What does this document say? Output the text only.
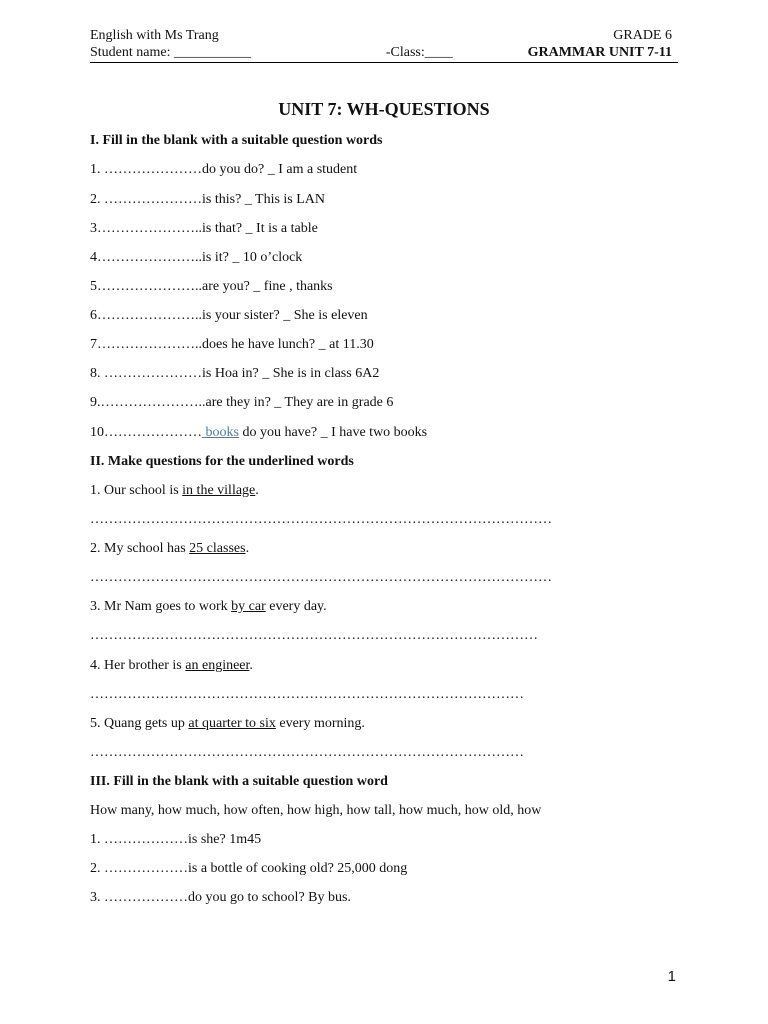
English with Ms Trang	GRADE 6
Student name: ___________	-Class:____	GRAMMAR UNIT 7-11
UNIT 7: WH-QUESTIONS
I. Fill in the blank with a suitable question words
1. …………………do you do? _ I am a student
2. …………………is this? _ This is LAN
3…………………..is that? _ It is a table
4…………………..is it? _ 10 o’clock
5…………………..are you? _ fine , thanks
6…………………..is your sister? _ She is eleven
7…………………..does he have lunch? _ at 11.30
8. …………………is Hoa in? _ She is in class 6A2
9.…………………..are they in? _ They are in grade 6
10………………… books do you have? _ I have two books
II. Make questions for the underlined words
1. Our school is in the village.
………………………………………………………………………………………
2. My school has 25 classes.
………………………………………………………………………………………
3. Mr Nam goes to work by car every day.
……………………………………………………………………………………
4. Her brother is an engineer.
…………………………………………………………………………………
5. Quang gets up at quarter to six every morning.
…………………………………………………………………………………
III. Fill in the blank with a suitable question word
How many, how much, how often, how high, how tall, how much, how old, how
1. ………………is she? 1m45
2. ………………is a bottle of cooking old? 25,000 dong
3. ………………do you go to school? By bus.
1
